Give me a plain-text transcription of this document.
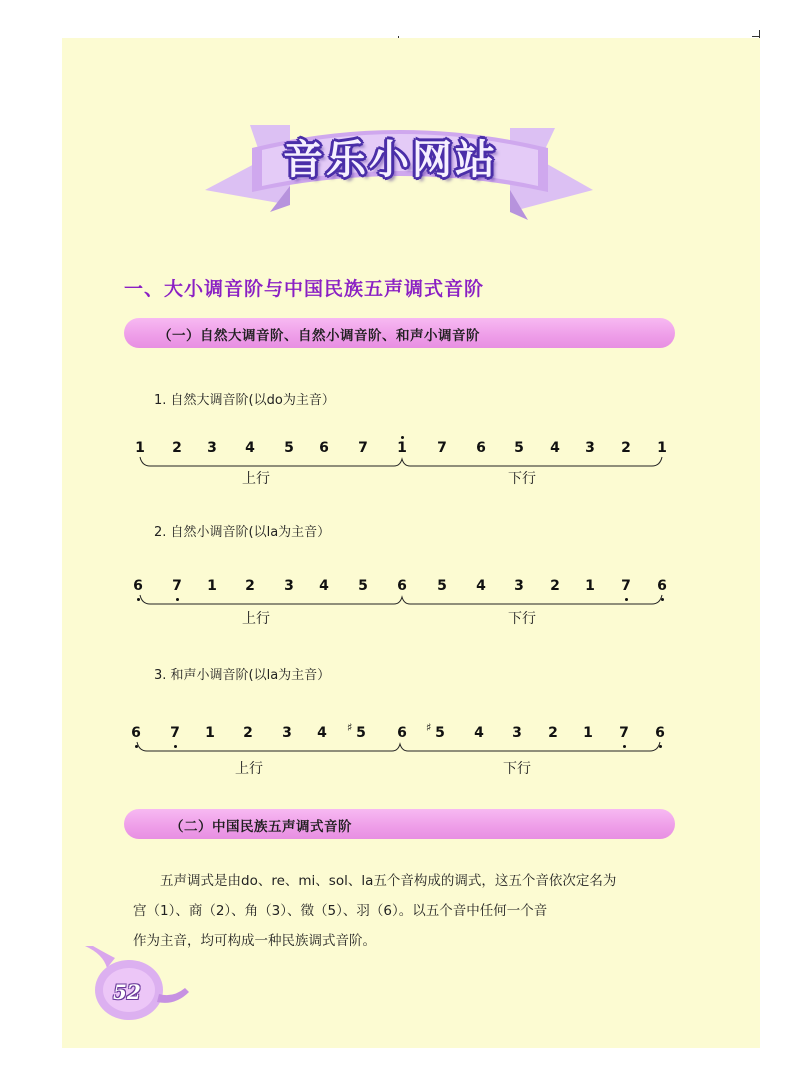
音乐小网站
一、大小调音阶与中国民族五声调式音阶
（一）自然大调音阶、自然小调音阶、和声小调音阶
1. 自然大调音阶(以do为主音）
1	2	3	4	5	6	7	1	7	6	5	4	3	2	1
上行	下行
2. 自然小调音阶(以la为主音）
6	7	1	2	3	4	5	6	5	4	3	2	1	7	6
上行	下行
3. 和声小调音阶(以la为主音）
6	7	1	2	3	4	5
♯	6	5
♯	4	3	2	1	7	6
上行	下行
（二）中国民族五声调式音阶
五声调式是由do、re、mi、sol、la五个音构成的调式，这五个音依次定名为
宫（1）、商（2）、角（3）、徵（5）、羽（6）。以五个音中任何一个音
作为主音，均可构成一种民族调式音阶。
52
